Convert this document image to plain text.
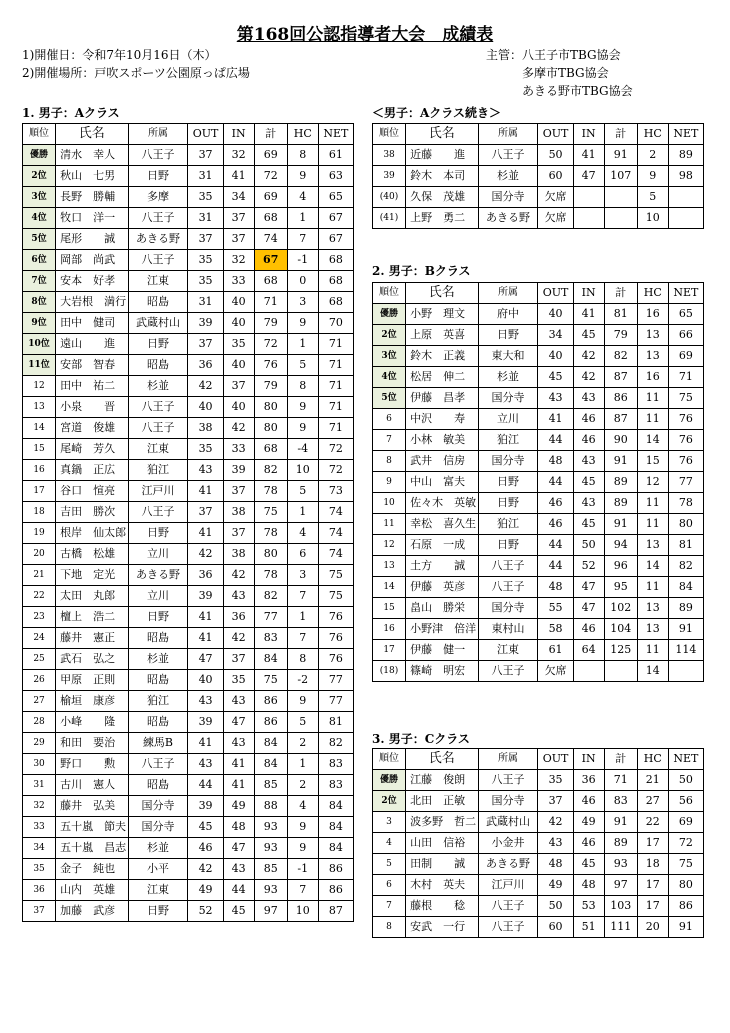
第168回公認指導者大会　成績表
1)開催日：令和7年10月16日（木）
2)開催場所：戸吹スポーツ公園原っぱ広場
主管：八王子市TBG協会
多摩市TBG協会
あきる野市TBG協会
1. 男子：Aクラス	＜男子：Aクラス続き＞
2. 男子：Bクラス
3. 男子：Cクラス
順位	氏名	所属	OUT	IN	計	HC	NET
優勝	清水　幸人	八王子	37	32	69	8	61
2位	秋山　七男	日野	31	41	72	9	63
3位	長野　勝輔	多摩	35	34	69	4	65
4位	牧口　洋一	八王子	31	37	68	1	67
5位	尾形　　誠	あきる野	37	37	74	7	67
6位	岡部　尚武	八王子	35	32	67	-1	68
7位	安本　好孝	江東	35	33	68	0	68
8位	大岩根　満行	昭島	31	40	71	3	68
9位	田中　健司	武蔵村山	39	40	79	9	70
10位	遠山　　進	日野	37	35	72	1	71
11位	安部　智春	昭島	36	40	76	5	71
12	田中　祐二	杉並	42	37	79	8	71
13	小泉　　晋	八王子	40	40	80	9	71
14	宮道　俊雄	八王子	38	42	80	9	71
15	尾崎　芳久	江東	35	33	68	-4	72
16	真鍋　正広	狛江	43	39	82	10	72
17	谷口　愃亮	江戸川	41	37	78	5	73
18	吉田　勝次	八王子	37	38	75	1	74
19	根岸　仙太郎	日野	41	37	78	4	74
20	古橋　松雄	立川	42	38	80	6	74
21	下地　定光	あきる野	36	42	78	3	75
22	太田　丸郎	立川	39	43	82	7	75
23	檀上　浩二	日野	41	36	77	1	76
24	藤井　憲正	昭島	41	42	83	7	76
25	武石　弘之	杉並	47	37	84	8	76
26	甲原　正則	昭島	40	35	75	-2	77
27	榆垣　康彦	狛江	43	43	86	9	77
28	小峰　　隆	昭島	39	47	86	5	81
29	和田　要治	練馬B	41	43	84	2	82
30	野口　　勲	八王子	43	41	84	1	83
31	古川　憲人	昭島	44	41	85	2	83
32	藤井　弘美	国分寺	39	49	88	4	84
33	五十嵐　節夫	国分寺	45	48	93	9	84
34	五十嵐　昌志	杉並	46	47	93	9	84
35	金子　純也	小平	42	43	85	-1	86
36	山内　英雄	江東	49	44	93	7	86
37	加藤　武彦	日野	52	45	97	10	87
順位	氏名	所属	OUT	IN	計	HC	NET
38	近藤　　進	八王子	50	41	91	2	89
39	鈴木　本司	杉並	60	47	107	9	98
(40)	久保　茂雄	国分寺	欠席			5	
(41)	上野　勇二	あきる野	欠席			10	
順位	氏名	所属	OUT	IN	計	HC	NET
優勝	小野　理文	府中	40	41	81	16	65
2位	上原　英喜	日野	34	45	79	13	66
3位	鈴木　正義	東大和	40	42	82	13	69
4位	松居　伸二	杉並	45	42	87	16	71
5位	伊藤　昌孝	国分寺	43	43	86	11	75
6	中沢　　寿	立川	41	46	87	11	76
7	小林　敏美	狛江	44	46	90	14	76
8	武井　信房	国分寺	48	43	91	15	76
9	中山　富夫	日野	44	45	89	12	77
10	佐々木　英敏	日野	46	43	89	11	78
11	幸松　喜久生	狛江	46	45	91	11	80
12	石原　一成	日野	44	50	94	13	81
13	土方　　誠	八王子	44	52	96	14	82
14	伊藤　英彦	八王子	48	47	95	11	84
15	畠山　勝栄	国分寺	55	47	102	13	89
16	小野津　倍洋	東村山	58	46	104	13	91
17	伊藤　健一	江東	61	64	125	11	114
(18)	篠崎　明宏	八王子	欠席			14	
順位	氏名	所属	OUT	IN	計	HC	NET
優勝	江藤　俊朗	八王子	35	36	71	21	50
2位	北田　正敏	国分寺	37	46	83	27	56
3	波多野　哲二	武蔵村山	42	49	91	22	69
4	山田　信裕	小金井	43	46	89	17	72
5	田制　　誠	あきる野	48	45	93	18	75
6	木村　英夫	江戸川	49	48	97	17	80
7	藤根　　稔	八王子	50	53	103	17	86
8	安武　一行	八王子	60	51	111	20	91
